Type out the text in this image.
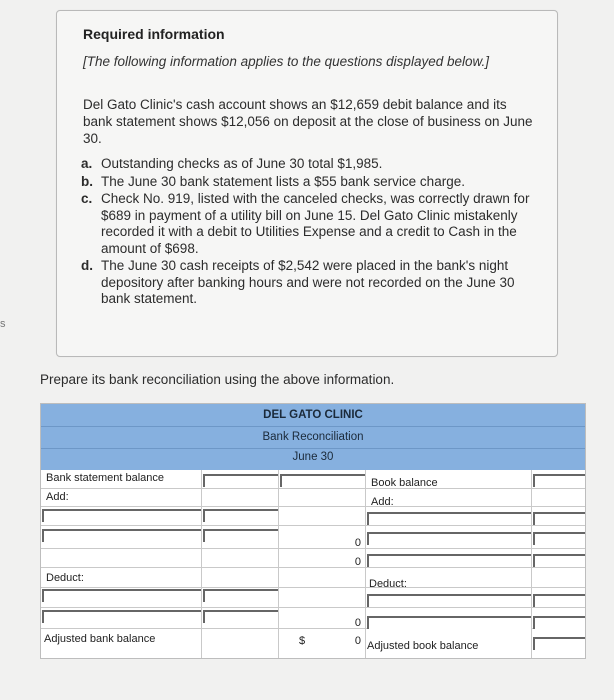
s
Required information
[The following information applies to the questions displayed below.]
Del Gato Clinic's cash account shows an $12,659 debit balance and its bank statement shows $12,056 on deposit at the close of business on June 30.
a. Outstanding checks as of June 30 total $1,985.
b. The June 30 bank statement lists a $55 bank service charge.
c. Check No. 919, listed with the canceled checks, was correctly drawn for $689 in payment of a utility bill on June 15. Del Gato Clinic mistakenly recorded it with a debit to Utilities Expense and a credit to Cash in the amount of $698.
d. The June 30 cash receipts of $2,542 were placed in the bank's night depository after banking hours and were not recorded on the June 30 bank statement.
Prepare its bank reconciliation using the above information.
DEL GATO CLINIC
Bank Reconciliation
June 30
Bank statement balance
Add:
Deduct:
Adjusted bank balance
0
0
0
$	0
Book balance
Add:
Deduct:
Adjusted book balance
